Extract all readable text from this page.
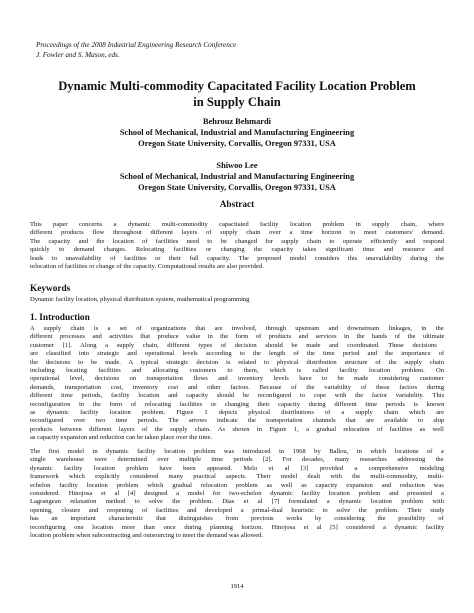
Proceedings of the 2008 Industrial Engineering Research Conference
J. Fowler and S. Mason, eds.
Dynamic Multi-commodity Capacitated Facility Location Problem
in Supply Chain
Behrouz Behmardi
School of Mechanical, Industrial and Manufacturing Engineering
Oregon State University, Corvallis, Oregon 97331, USA
Shiwoo Lee
School of Mechanical, Industrial and Manufacturing Engineering
Oregon State University, Corvallis, Oregon 97331, USA
Abstract
This paper concerns a dynamic multi-commodity capacitated facility location problem in supply chain, where
different products flow throughout different layers of supply chain over a time horizon to meet customers' demand.
The capacity and the location of facilities need to be changed for supply chain to operate efficiently and respond
quickly to demand changes. Relocating facilities or changing the capacity takes significant time and resource and
leads to unavailability of facilities or their full capacity. The proposed model considers this unavailability during the
relocation of facilities or change of the capacity. Computational results are also provided.
Keywords
Dynamic facility location, physical distribution system, mathematical programming
1. Introduction
A supply chain is a set of organizations that are involved, through upstream and downstream linkages, in the
different processes and activities that produce value in the form of products and services in the hands of the ultimate
customer [1]. Along a supply chain, different types of decision should be made and coordinated. These decisions
are classified into strategic and operational levels according to the length of the time period and the importance of
the decisions to be made. A typical strategic decision is related to physical distribution structure of the supply chain
including locating facilities and allocating customers to them, which is called facility location problem. On
operational level, decisions on transportation flows and inventory levels have to be made considering customer
demands, transportation cost, inventory cost and other factors. Because of the variability of these factors during
different time periods, facility location and capacity should be reconfigured to cope with the factor variability. This
reconfiguration in the form of relocating facilities or changing their capacity during different time periods is known
as dynamic facility location problem. Figure 1 depicts physical distributions of a supply chain which are
reconfigured over two time periods. The arrows indicate the transportation channels that are available to ship
products between different layers of the supply chain. As shown in Figure 1, a gradual relocation of facilities as well
as capacity expansion and reduction can be taken place over the time.
The first model in dynamic facility location problem was introduced in 1968 by Ballou, in which locations of a
single warehouse were determined over multiple time periods [2]. For decades, many researches addressing the
dynamic facility location problem have been appeared. Melo et al [3] provided a comprehensive modeling
framework which explicitly considered many practical aspects. Their model dealt with the multi-commodity, multi-
echelon facility location problem which gradual relocation problem as well as capacity expansion and reduction was
considered. Hinojosa et al [4] designed a model for two-echelon dynamic facility location problem and presented a
Lagrangean relaxation method to solve the problem. Dias et al [7] formulated a dynamic location problem with
opening, closure and reopening of facilities and developed a primal-dual heuristic to solve the problem. Their study
has an important characteristic that distinguishes from previous works by considering the possibility of
reconfiguring one location more than once during planning horizon. Hinojosa et al [5] considered a dynamic facility
location problem when subcontracting and outsourcing to meet the demand was allowed.
1914
